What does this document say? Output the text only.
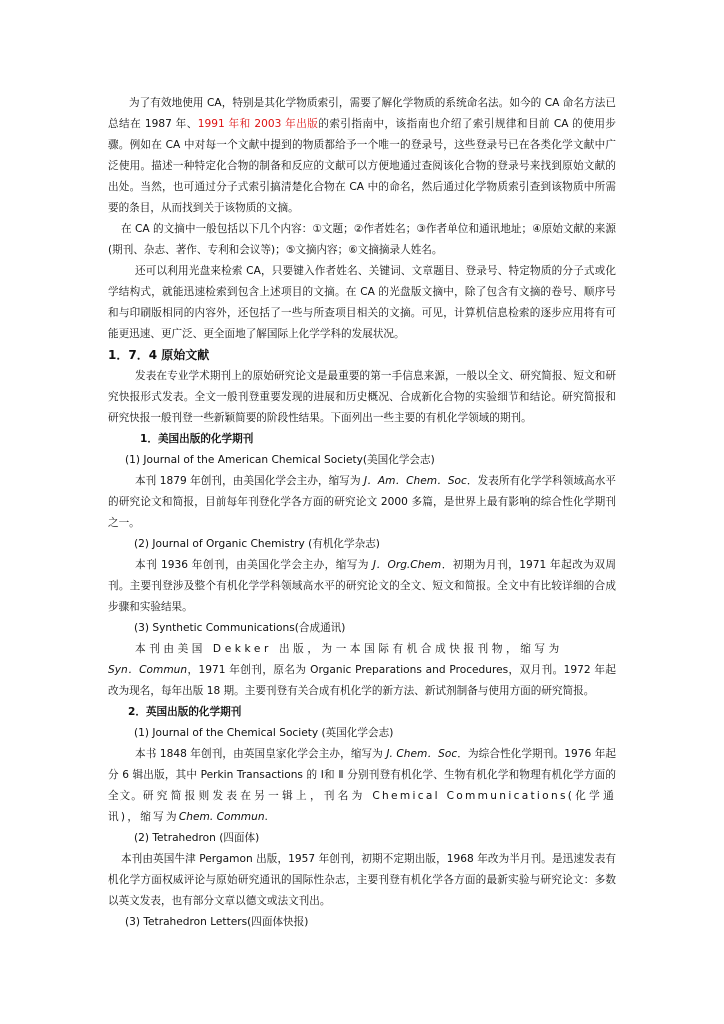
为了有效地使用 CA，特别是其化学物质索引，需要了解化学物质的系统命名法。如今的 CA 命名方法已总结在 1987 年、1991 年和 2003 年出版的索引指南中，该指南也介绍了索引规律和目前 CA 的使用步骤。例如在 CA 中对每一个文献中提到的物质都给予一个唯一的登录号，这些登录号已在各类化学文献中广泛使用。描述一种特定化合物的制备和反应的文献可以方便地通过查阅该化合物的登录号来找到原始文献的出处。当然，也可通过分子式索引搞清楚化合物在 CA 中的命名，然后通过化学物质索引查到该物质中所需要的条目，从而找到关于该物质的文摘。

在 CA 的文摘中一般包括以下几个内容：①文题；②作者姓名；③作者单位和通讯地址；④原始文献的来源(期刊、杂志、著作、专利和会议等)；⑤文摘内容；⑥文摘摘录人姓名。

还可以利用光盘来检索 CA，只要键入作者姓名、关键词、文章题目、登录号、特定物质的分子式或化学结构式，就能迅速检索到包含上述项目的文摘。在 CA 的光盘版文摘中，除了包含有文摘的卷号、顺序号和与印刷版相同的内容外，还包括了一些与所查项目相关的文摘。可见，计算机信息检索的逐步应用将有可能更迅速、更广泛、更全面地了解国际上化学学科的发展状况。

1．7．4 原始文献

发表在专业学术期刊上的原始研究论文是最重要的第一手信息来源，一般以全文、研究简报、短文和研究快报形式发表。全文一般刊登重要发现的进展和历史概况、合成新化合物的实验细节和结论。研究简报和研究快报一般刊登一些新颖简要的阶段性结果。下面列出一些主要的有机化学领域的期刊。

1．美国出版的化学期刊

(1) Journal of the American Chemical Society(美国化学会志)

本刊 1879 年创刊，由美国化学会主办，缩写为 J．Am．Chem．Soc．发表所有化学学科领域高水平的研究论文和简报，目前每年刊登化学各方面的研究论文 2000 多篇，是世界上最有影响的综合性化学期刊之一。

(2) Journal of Organic Chemistry (有机化学杂志)

本刊 1936 年创刊，由美国化学会主办，缩写为 J．Org.Chem．初期为月刊，1971 年起改为双周刊。主要刊登涉及整个有机化学学科领域高水平的研究论文的全文、短文和简报。全文中有比较详细的合成步骤和实验结果。

(3) Synthetic Communications(合成通讯)

本刊由美国 Dekker 出版，为一本国际有机合成快报刊物，缩写为

Syn．Commun，1971 年创刊，原名为 Organic Preparations and Procedures，双月刊。1972 年起改为现名，每年出版 18 期。主要刊登有关合成有机化学的新方法、新试剂制备与使用方面的研究简报。

2．英国出版的化学期刊

(1) Journal of the Chemical Society (英国化学会志)

本书 1848 年创刊，由英国皇家化学会主办，缩写为 J. Chem．Soc．为综合性化学期刊。1976 年起分 6 辑出版，其中 Perkin Transactions 的 Ⅰ和 Ⅱ 分别刊登有机化学、生物有机化学和物理有机化学方面的全文。研究简报则发表在另一辑上，刊名为 Chemical Communications(化学通讯)，缩写为Chem. Commun.

(2) Tetrahedron (四面体)

本刊由英国牛津 Pergamon 出版，1957 年创刊，初期不定期出版，1968 年改为半月刊。是迅速发表有机化学方面权威评论与原始研究通讯的国际性杂志，主要刊登有机化学各方面的最新实验与研究论文：多数以英文发表，也有部分文章以德文或法文刊出。

(3) Tetrahedron Letters(四面体快报)
